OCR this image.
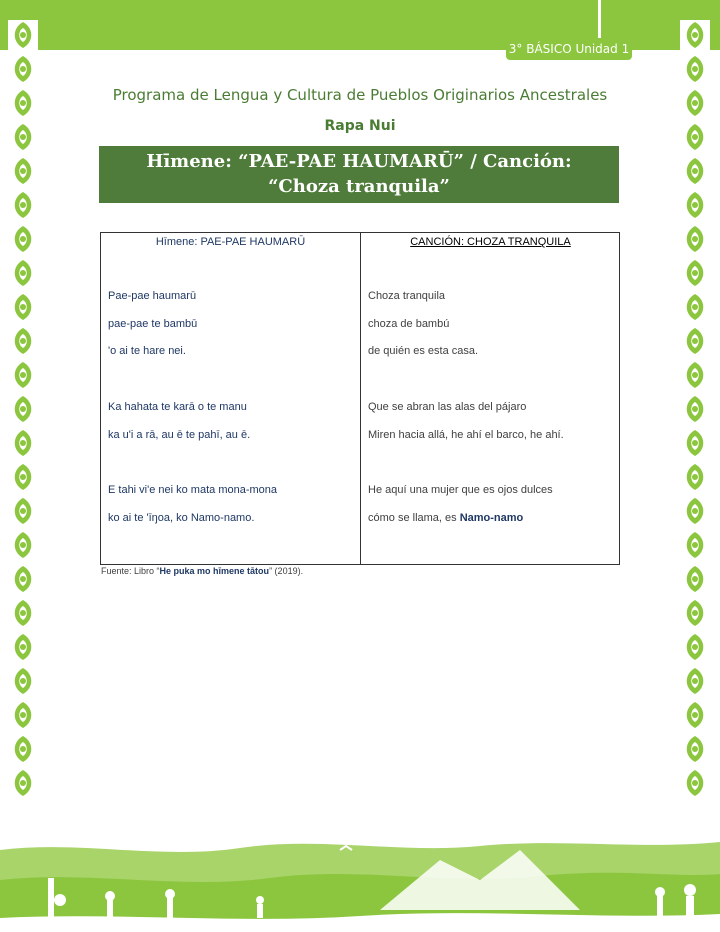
3° BÁSICO Unidad 1
Programa de Lengua y Cultura de Pueblos Originarios Ancestrales
Rapa Nui
Hīmene: “PAE-PAE HAUMARŪ” / Canción: “Choza tranquila”
Hīmene: PAE-PAE HAUMARŪ	CANCIÓN: CHOZA TRANQUILA
Pae-pae haumarū
pae-pae te bambū
'o ai te hare nei.
Ka hahata te karā o te manu
ka u'i a rā, au ē te pahī, au ē.
E tahi vi'e nei ko mata mona-mona
ko ai te 'īŋoa, ko Namo-namo.
Choza tranquila
choza de bambú
de quién es esta casa.
Que se abran las alas del pájaro
Miren hacia allá, he ahí el barco, he ahí.
He aquí una mujer que es ojos dulces
cómo se llama, es Namo-namo
Fuente: Libro “He puka mo hīmene tātou” (2019).
